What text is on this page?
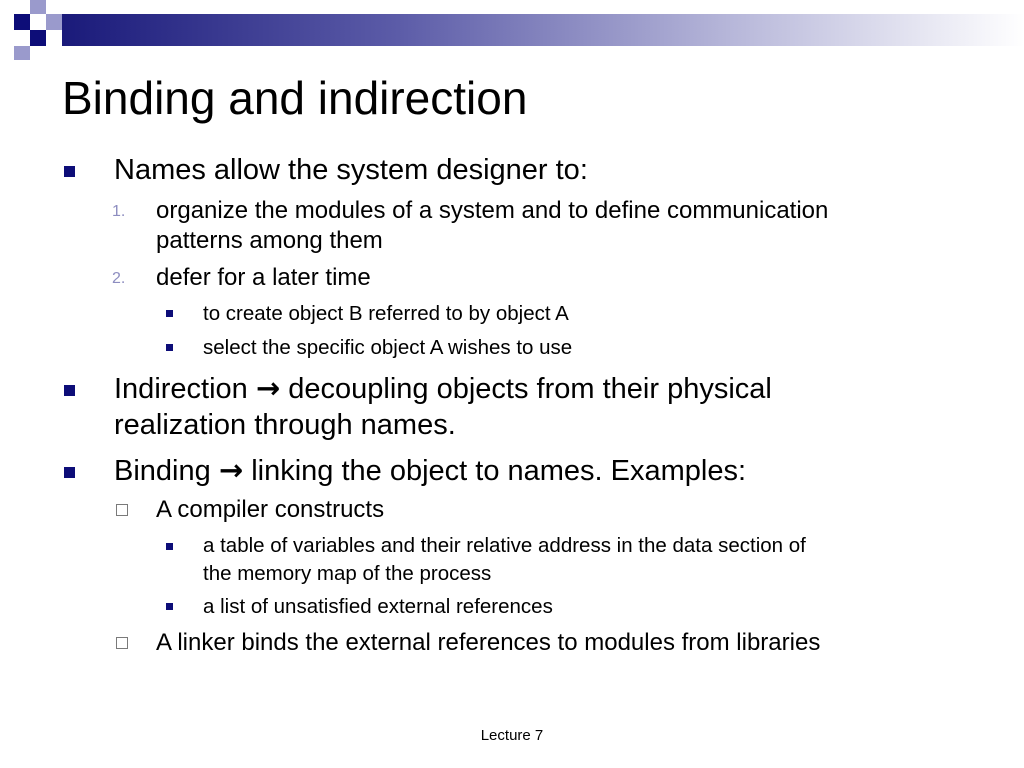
Binding and indirection
Names allow the system designer to:
1. organize the modules of a system and to define communication
patterns among them
2. defer for a later time
to create object B referred to by object A
select the specific object A wishes to use
Indirection → decoupling objects from their physical
realization through names.
Binding → linking the object to names. Examples:
A compiler constructs
a table of variables and their relative address in the data section of
the memory map of the process
a list of unsatisfied external references
A linker binds the external references to modules from libraries
Lecture 7
